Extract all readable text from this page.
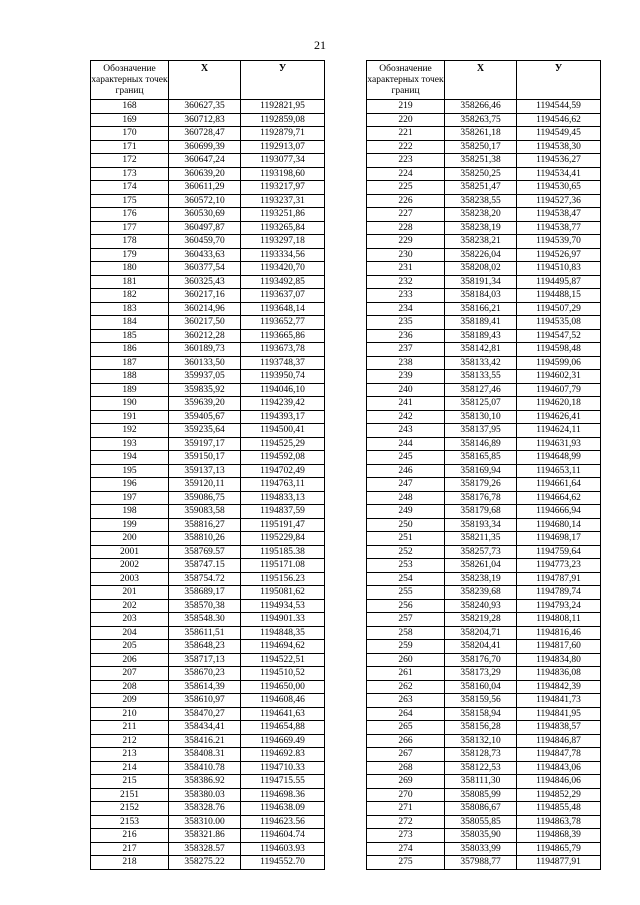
21
Обозначение характерных точек границ	X	У
168	360627,35	1192821,95
169	360712,83	1192859,08
170	360728,47	1192879,71
171	360699,39	1192913,07
172	360647,24	1193077,34
173	360639,20	1193198,60
174	360611,29	1193217,97
175	360572,10	1193237,31
176	360530,69	1193251,86
177	360497,87	1193265,84
178	360459,70	1193297,18
179	360433,63	1193334,56
180	360377,54	1193420,70
181	360325,43	1193492,85
182	360217,16	1193637,07
183	360214,96	1193648,14
184	360217,50	1193652,77
185	360212,28	1193665,86
186	360189,73	1193673,78
187	360133,50	1193748,37
188	359937,05	1193950,74
189	359835,92	1194046,10
190	359639,20	1194239,42
191	359405,67	1194393,17
192	359235,64	1194500,41
193	359197,17	1194525,29
194	359150,17	1194592,08
195	359137,13	1194702,49
196	359120,11	1194763,11
197	359086,75	1194833,13
198	359083,58	1194837,59
199	358816,27	1195191,47
200	358810,26	1195229,84
2001	358769.57	1195185.38
2002	358747.15	1195171.08
2003	358754.72	1195156.23
201	358689,17	1195081,62
202	358570,38	1194934,53
203	358548.30	1194901.33
204	358611,51	1194848,35
205	358648,23	1194694,62
206	358717,13	1194522,51
207	358670,23	1194510,52
208	358614,39	1194650,00
209	358610,97	1194608,46
210	358470,27	1194641,63
211	358434,41	1194654,88
212	358416.21	1194669.49
213	358408.31	1194692.83
214	358410.78	1194710.33
215	358386.92	1194715.55
2151	358380.03	1194698.36
2152	358328.76	1194638.09
2153	358310.00	1194623.56
216	358321.86	1194604.74
217	358328.57	1194603.93
218	358275.22	1194552.70
Обозначение характерных точек границ	X	У
219	358266,46	1194544,59
220	358263,75	1194546,62
221	358261,18	1194549,45
222	358250,17	1194538,30
223	358251,38	1194536,27
224	358250,25	1194534,41
225	358251,47	1194530,65
226	358238,55	1194527,36
227	358238,20	1194538,47
228	358238,19	1194538,77
229	358238,21	1194539,70
230	358226,04	1194526,97
231	358208,02	1194510,83
232	358191,34	1194495,87
233	358184,03	1194488,15
234	358166,21	1194507,29
235	358189,41	1194535,08
236	358189,43	1194547,52
237	358142,81	1194598,48
238	358133,42	1194599,06
239	358133,55	1194602,31
240	358127,46	1194607,79
241	358125,07	1194620,18
242	358130,10	1194626,41
243	358137,95	1194624,11
244	358146,89	1194631,93
245	358165,85	1194648,99
246	358169,94	1194653,11
247	358179,26	1194661,64
248	358176,78	1194664,62
249	358179,68	1194666,94
250	358193,34	1194680,14
251	358211,35	1194698,17
252	358257,73	1194759,64
253	358261,04	1194773,23
254	358238,19	1194787,91
255	358239,68	1194789,74
256	358240,93	1194793,24
257	358219,28	1194808,11
258	358204,71	1194816,46
259	358204,41	1194817,60
260	358176,70	1194834,80
261	358173,29	1194836,08
262	358160,04	1194842,39
263	358159,56	1194841,73
264	358158,94	1194841,95
265	358156,28	1194838,57
266	358132,10	1194846,87
267	358128,73	1194847,78
268	358122,53	1194843,06
269	358111,30	1194846,06
270	358085,99	1194852,29
271	358086,67	1194855,48
272	358055,85	1194863,78
273	358035,90	1194868,39
274	358033,99	1194865,79
275	357988,77	1194877,91
